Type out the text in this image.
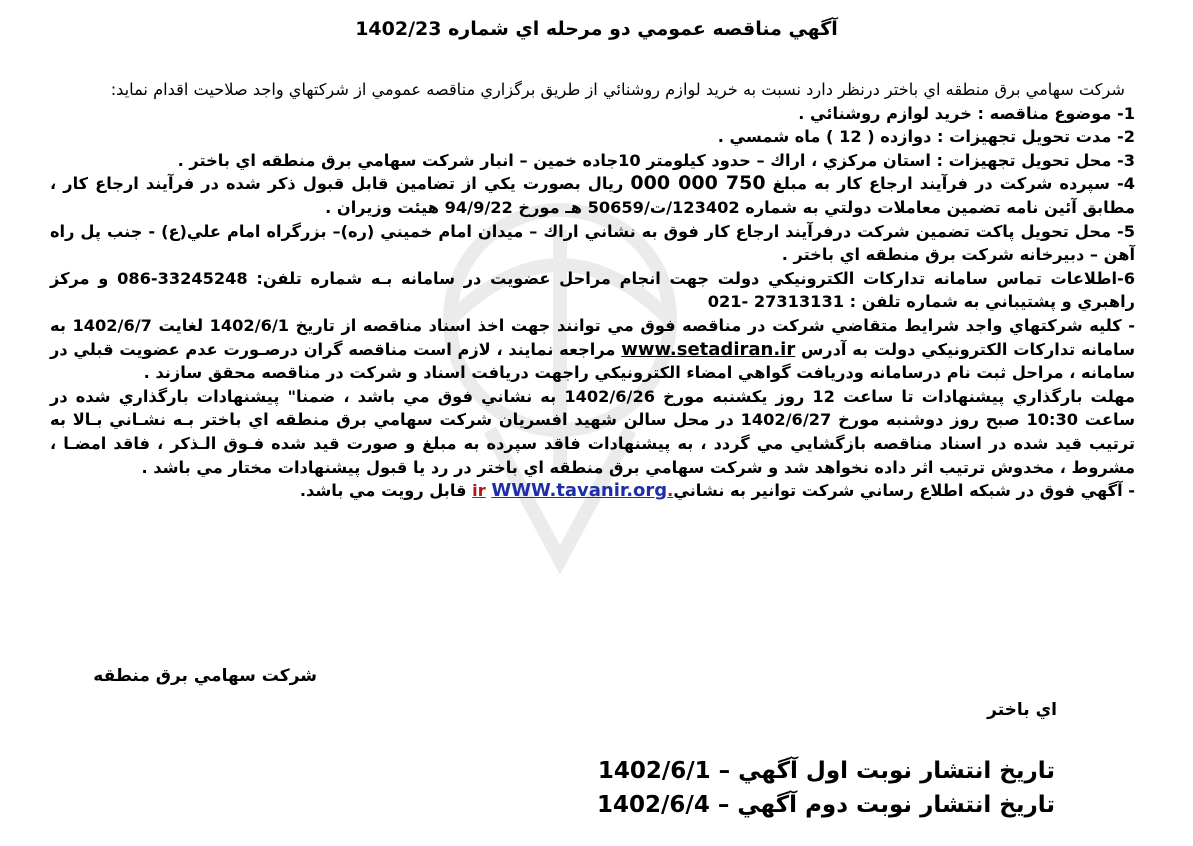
آگهي مناقصه عمومي دو مرحله اي شماره 1402/23

شرکت سهامي برق منطقه اي باختر درنظر دارد نسبت به خريد لوازم روشنائي از طريق برگزاري مناقصه عمومي از شرکتهاي واجد صلاحيت اقدام نمايد:

1- موضوع مناقصه : خريد لوازم روشنائي .

2- مدت تحويل تجهيزات : دوازده ( 12 ) ماه شمسي .

3- محل تحويل تجهيزات : استان مرکزي ، اراك – حدود كيلومتر 10جاده خمين – انبار شرکت سهامي برق منطقه اي باختر .

4- سپرده شركت در فرآيند ارجاع كار به مبلغ 750 000 000 ريال بصورت يكي از تضامين قابل قبول ذكر شده در فرآيند ارجاع كار ، مطابق آئين نامه تضمين معاملات دولتي به شماره 123402/ت/50659 هـ مورخ 94/9/22 هيئت وزيران .

5- محل تحويل پاکت تضمين شرکت درفرآيند ارجاع كار فوق به نشاني اراك – ميدان امام خميني (ره)– بزرگراه امام علي(ع) - جنب پل راه آهن – دبيرخانه شركت برق منطقه اي باختر .

6-اطلاعات تماس سامانه تداركات الكترونيكي دولت جهت انجام مراحل عضويت در سامانه بـه شماره تلفن: 33245248-086 و مرکز راهبري و پشتيباني به شماره تلفن : 27313131 -021

- کليه شرکتهاي واجد شرايط متقاضي شرکت در مناقصه فوق مي توانند جهت اخذ اسناد مناقصه از تاريخ 1402/6/1 لغايت 1402/6/7 به سامانه تداركات الكترونيكي دولت به آدرس www.setadiran.ir مراجعه نمايند ، لازم است مناقصه گران درصـورت عدم عضويت قبلي در سامانه ، مراحل ثبت نام درسامانه ودريافت گواهي امضاء الكترونيكي راجهت دريافت اسناد و شرکت در مناقصه محقق سازند .

مهلت بارگذاري پيشنهادات تا ساعت 12 روز يکشنبه مورخ 1402/6/26 به نشاني فوق مي باشد ، ضمنا" پيشنهادات بارگذاري شده در ساعت 10:30 صبح روز دوشنبه مورخ 1402/6/27 در محل سالن شهيد افسريان شرکت سهامي برق منطقه اي باختر بـه نشـاني بـالا به ترتيب قيد شده در اسناد مناقصه بازگشايي مي گردد ، به پيشنهادات فاقد سپرده به مبلغ و صورت قيد شده فـوق الـذكر ، فاقد امضـا ، مشروط ، مخدوش ترتيب اثر داده نخواهد شد و شرکت سهامي برق منطقه اي باختر در رد يا قبول پيشنهادات مختار مي باشد .

- آگهي فوق در شبکه اطلاع رساني شرکت توانير به نشاني.ir WWW.tavanir.org قابل رويت مي باشد.

شركت سهامي برق منطقه
اي باختر
تاريخ انتشار نوبت اول آگهي – 1402/6/1
تاريخ انتشار نوبت دوم آگهي – 1402/6/4
